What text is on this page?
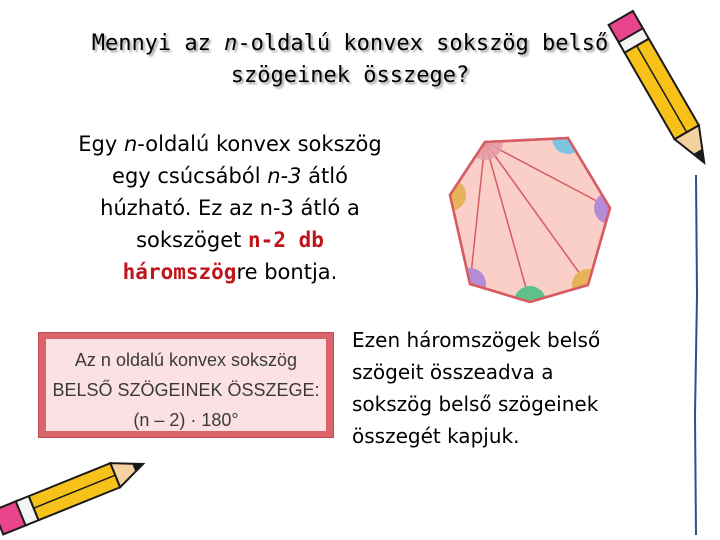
Mennyi az n-oldalú konvex sokszög belső
szögeinek összege?
Egy n-oldalú konvex sokszög
egy csúcsából n-3 átló
húzható. Ez az n-3 átló a
sokszöget n-2 db
háromszögre bontja.
Az n oldalú konvex sokszög
BELSŐ SZÖGEINEK ÖSSZEGE:
(n – 2) · 180°
Ezen háromszögek belső
szögeit összeadva a
sokszög belső szögeinek
összegét kapjuk.
